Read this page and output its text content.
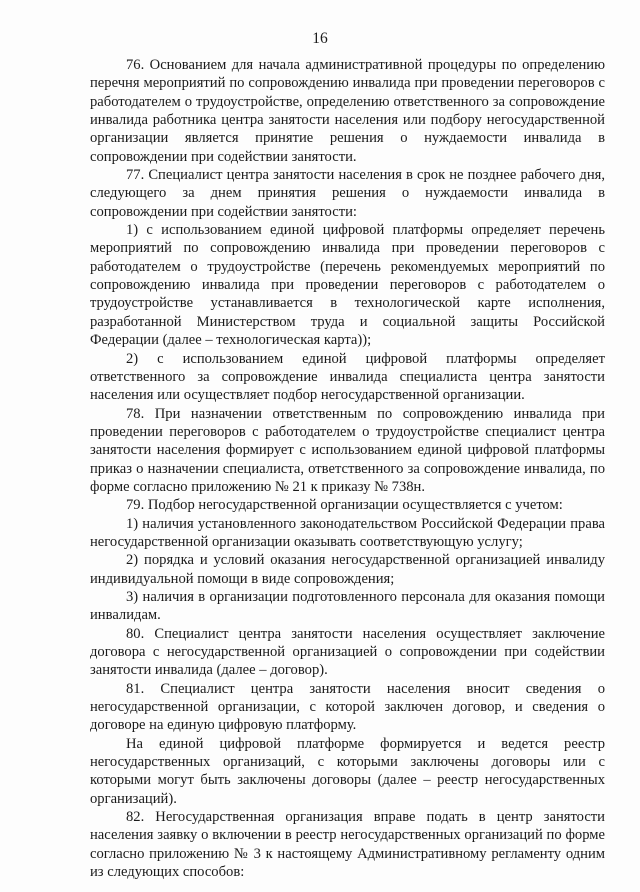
16

76. Основанием для начала административной процедуры по определению перечня мероприятий по сопровождению инвалида при проведении переговоров с работодателем о трудоустройстве, определению ответственного за сопровождение инвалида работника центра занятости населения или подбору негосударственной организации является принятие решения о нуждаемости инвалида в сопровождении при содействии занятости.

77. Специалист центра занятости населения в срок не позднее рабочего дня, следующего за днем принятия решения о нуждаемости инвалида в сопровождении при содействии занятости:

1) с использованием единой цифровой платформы определяет перечень мероприятий по сопровождению инвалида при проведении переговоров с работодателем о трудоустройстве (перечень рекомендуемых мероприятий по сопровождению инвалида при проведении переговоров с работодателем о трудоустройстве устанавливается в технологической карте исполнения, разработанной Министерством труда и социальной защиты Российской Федерации (далее – технологическая карта));

2) с использованием единой цифровой платформы определяет ответственного за сопровождение инвалида специалиста центра занятости населения или осуществляет подбор негосударственной организации.

78. При назначении ответственным по сопровождению инвалида при проведении переговоров с работодателем о трудоустройстве специалист центра занятости населения формирует с использованием единой цифровой платформы приказ о назначении специалиста, ответственного за сопровождение инвалида, по форме согласно приложению № 21 к приказу № 738н.

79. Подбор негосударственной организации осуществляется с учетом:

1) наличия установленного законодательством Российской Федерации права негосударственной организации оказывать соответствующую услугу;

2) порядка и условий оказания негосударственной организацией инвалиду индивидуальной помощи в виде сопровождения;

3) наличия в организации подготовленного персонала для оказания помощи инвалидам.

80. Специалист центра занятости населения осуществляет заключение договора с негосударственной организацией о сопровождении при содействии занятости инвалида (далее – договор).

81. Специалист центра занятости населения вносит сведения о негосударственной организации, с которой заключен договор, и сведения о договоре на единую цифровую платформу.

На единой цифровой платформе формируется и ведется реестр негосударственных организаций, с которыми заключены договоры или с которыми могут быть заключены договоры (далее – реестр негосударственных организаций).

82. Негосударственная организация вправе подать в центр занятости населения заявку о включении в реестр негосударственных организаций по форме согласно приложению № 3 к настоящему Административному регламенту одним из следующих способов:
